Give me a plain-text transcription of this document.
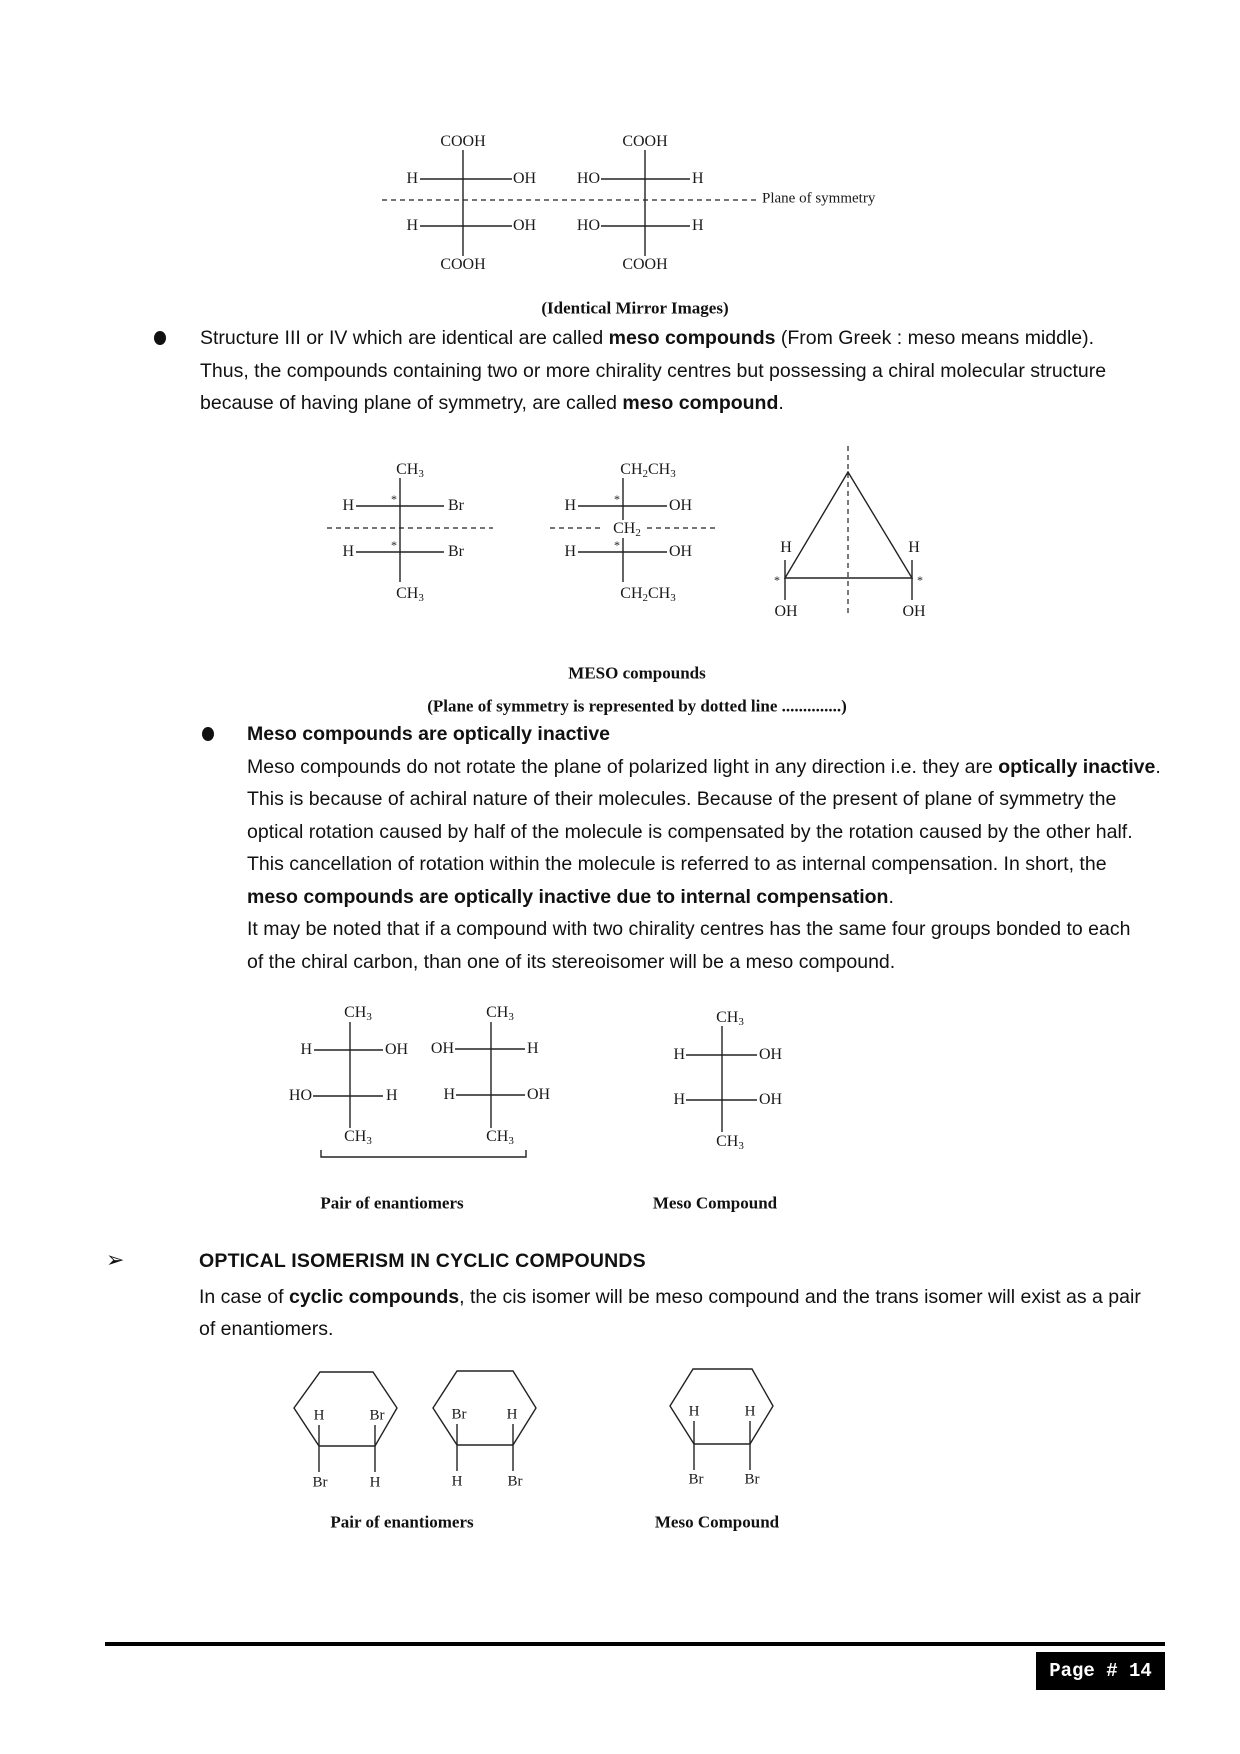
COOH
H	OH
H	OH
COOH
COOH
HO	H
HO	H
COOH
Plane of symmetry
(Identical Mirror Images)
Structure III or IV which are identical are called meso compounds (From Greek : meso means middle).
Thus, the compounds containing two or more chirality centres but possessing a chiral molecular structure
because of having plane of symmetry, are called meso compound.
$CH_3$
H	*	Br
H	*	Br
$CH_3$
$CH_2CH_3$
H	*	OH
$CH_2$
H	*	OH
$CH_2CH_3$
H	H
*	*
OH	OH
MESO compounds
(Plane of symmetry is represented by dotted line ..............)
Meso compounds are optically inactive
Meso compounds do not rotate the plane of polarized light in any direction i.e. they are optically inactive.
This is because of achiral nature of their molecules. Because of the present of plane of symmetry the
optical rotation caused by half of the molecule is compensated by the rotation caused by the other half.
This cancellation of rotation within the molecule is referred to as internal compensation. In short, the
meso compounds are optically inactive due to internal compensation.
It may be noted that if a compound with two chirality centres has the same four groups bonded to each
of the chiral carbon, than one of its stereoisomer will be a meso compound.
$CH_3$
H	OH
HO	H
$CH_3$
$CH_3$
OH	H
H	OH
$CH_3$
$CH_3$
H	OH
H	OH
$CH_3$
Pair of enantiomers	Meso Compound
➢	OPTICAL ISOMERISM IN CYCLIC COMPOUNDS
In case of cyclic compounds, the cis isomer will be meso compound and the trans isomer will exist as a pair
of enantiomers.
H	Br
Br	H
Br	H
H	Br
H	H
Br	Br
Pair of enantiomers	Meso Compound
Page # 14
